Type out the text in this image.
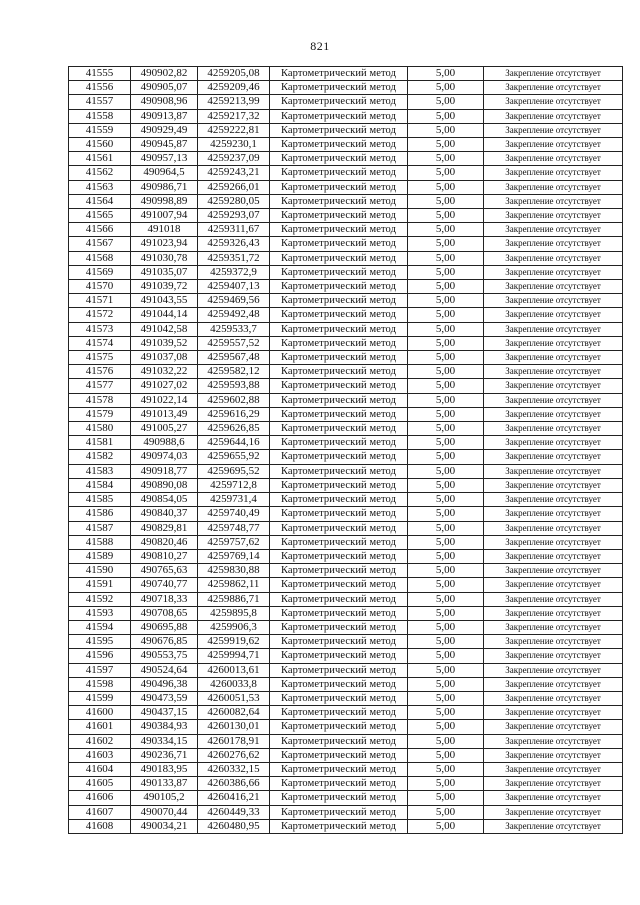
821
41555	490902,82	4259205,08	Картометрический метод	5,00	Закрепление отсутствует
41556	490905,07	4259209,46	Картометрический метод	5,00	Закрепление отсутствует
41557	490908,96	4259213,99	Картометрический метод	5,00	Закрепление отсутствует
41558	490913,87	4259217,32	Картометрический метод	5,00	Закрепление отсутствует
41559	490929,49	4259222,81	Картометрический метод	5,00	Закрепление отсутствует
41560	490945,87	4259230,1	Картометрический метод	5,00	Закрепление отсутствует
41561	490957,13	4259237,09	Картометрический метод	5,00	Закрепление отсутствует
41562	490964,5	4259243,21	Картометрический метод	5,00	Закрепление отсутствует
41563	490986,71	4259266,01	Картометрический метод	5,00	Закрепление отсутствует
41564	490998,89	4259280,05	Картометрический метод	5,00	Закрепление отсутствует
41565	491007,94	4259293,07	Картометрический метод	5,00	Закрепление отсутствует
41566	491018	4259311,67	Картометрический метод	5,00	Закрепление отсутствует
41567	491023,94	4259326,43	Картометрический метод	5,00	Закрепление отсутствует
41568	491030,78	4259351,72	Картометрический метод	5,00	Закрепление отсутствует
41569	491035,07	4259372,9	Картометрический метод	5,00	Закрепление отсутствует
41570	491039,72	4259407,13	Картометрический метод	5,00	Закрепление отсутствует
41571	491043,55	4259469,56	Картометрический метод	5,00	Закрепление отсутствует
41572	491044,14	4259492,48	Картометрический метод	5,00	Закрепление отсутствует
41573	491042,58	4259533,7	Картометрический метод	5,00	Закрепление отсутствует
41574	491039,52	4259557,52	Картометрический метод	5,00	Закрепление отсутствует
41575	491037,08	4259567,48	Картометрический метод	5,00	Закрепление отсутствует
41576	491032,22	4259582,12	Картометрический метод	5,00	Закрепление отсутствует
41577	491027,02	4259593,88	Картометрический метод	5,00	Закрепление отсутствует
41578	491022,14	4259602,88	Картометрический метод	5,00	Закрепление отсутствует
41579	491013,49	4259616,29	Картометрический метод	5,00	Закрепление отсутствует
41580	491005,27	4259626,85	Картометрический метод	5,00	Закрепление отсутствует
41581	490988,6	4259644,16	Картометрический метод	5,00	Закрепление отсутствует
41582	490974,03	4259655,92	Картометрический метод	5,00	Закрепление отсутствует
41583	490918,77	4259695,52	Картометрический метод	5,00	Закрепление отсутствует
41584	490890,08	4259712,8	Картометрический метод	5,00	Закрепление отсутствует
41585	490854,05	4259731,4	Картометрический метод	5,00	Закрепление отсутствует
41586	490840,37	4259740,49	Картометрический метод	5,00	Закрепление отсутствует
41587	490829,81	4259748,77	Картометрический метод	5,00	Закрепление отсутствует
41588	490820,46	4259757,62	Картометрический метод	5,00	Закрепление отсутствует
41589	490810,27	4259769,14	Картометрический метод	5,00	Закрепление отсутствует
41590	490765,63	4259830,88	Картометрический метод	5,00	Закрепление отсутствует
41591	490740,77	4259862,11	Картометрический метод	5,00	Закрепление отсутствует
41592	490718,33	4259886,71	Картометрический метод	5,00	Закрепление отсутствует
41593	490708,65	4259895,8	Картометрический метод	5,00	Закрепление отсутствует
41594	490695,88	4259906,3	Картометрический метод	5,00	Закрепление отсутствует
41595	490676,85	4259919,62	Картометрический метод	5,00	Закрепление отсутствует
41596	490553,75	4259994,71	Картометрический метод	5,00	Закрепление отсутствует
41597	490524,64	4260013,61	Картометрический метод	5,00	Закрепление отсутствует
41598	490496,38	4260033,8	Картометрический метод	5,00	Закрепление отсутствует
41599	490473,59	4260051,53	Картометрический метод	5,00	Закрепление отсутствует
41600	490437,15	4260082,64	Картометрический метод	5,00	Закрепление отсутствует
41601	490384,93	4260130,01	Картометрический метод	5,00	Закрепление отсутствует
41602	490334,15	4260178,91	Картометрический метод	5,00	Закрепление отсутствует
41603	490236,71	4260276,62	Картометрический метод	5,00	Закрепление отсутствует
41604	490183,95	4260332,15	Картометрический метод	5,00	Закрепление отсутствует
41605	490133,87	4260386,66	Картометрический метод	5,00	Закрепление отсутствует
41606	490105,2	4260416,21	Картометрический метод	5,00	Закрепление отсутствует
41607	490070,44	4260449,33	Картометрический метод	5,00	Закрепление отсутствует
41608	490034,21	4260480,95	Картометрический метод	5,00	Закрепление отсутствует
